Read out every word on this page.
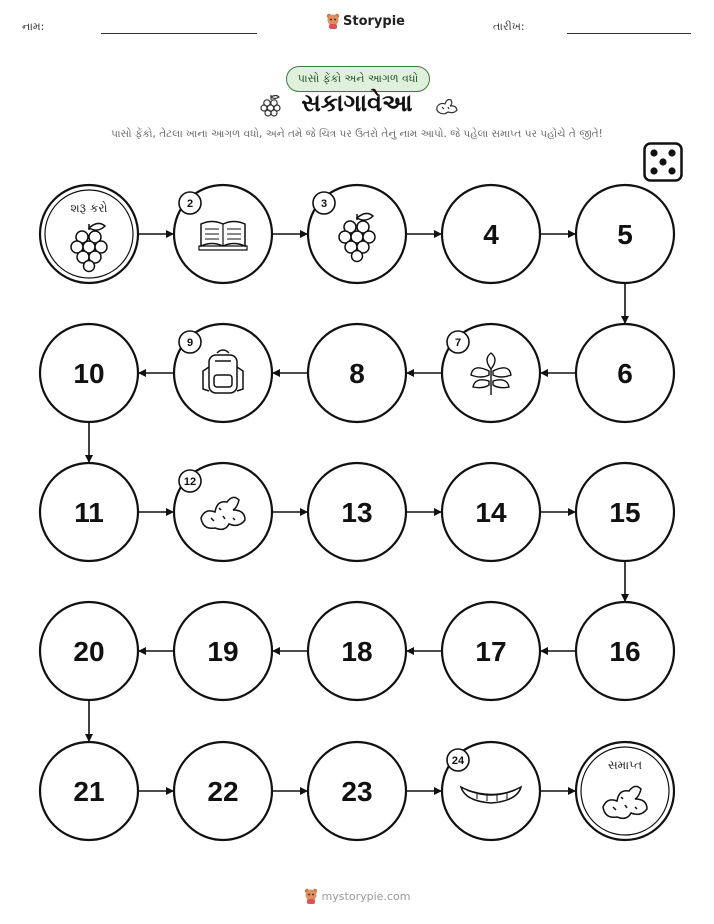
નામ:	Storypie	તારીખ:
પાસો ફેંકો અને આગળ વધો
સકાગાવેઆ
પાસો ફેંકો, તેટલા ખાના આગળ વધો, અને તમે જે ચિત્ર પર ઉતરો તેનું નામ આપો. જે પહેલા સમાપ્ત પર પહોંચે તે જીતે!
શરૂ કરો	2	3
4	5
6
7
8
9
10
11
12
13	14	15
16
17
18
19
20
21	22	23
24	સમાપ્ત
mystorypie.com
